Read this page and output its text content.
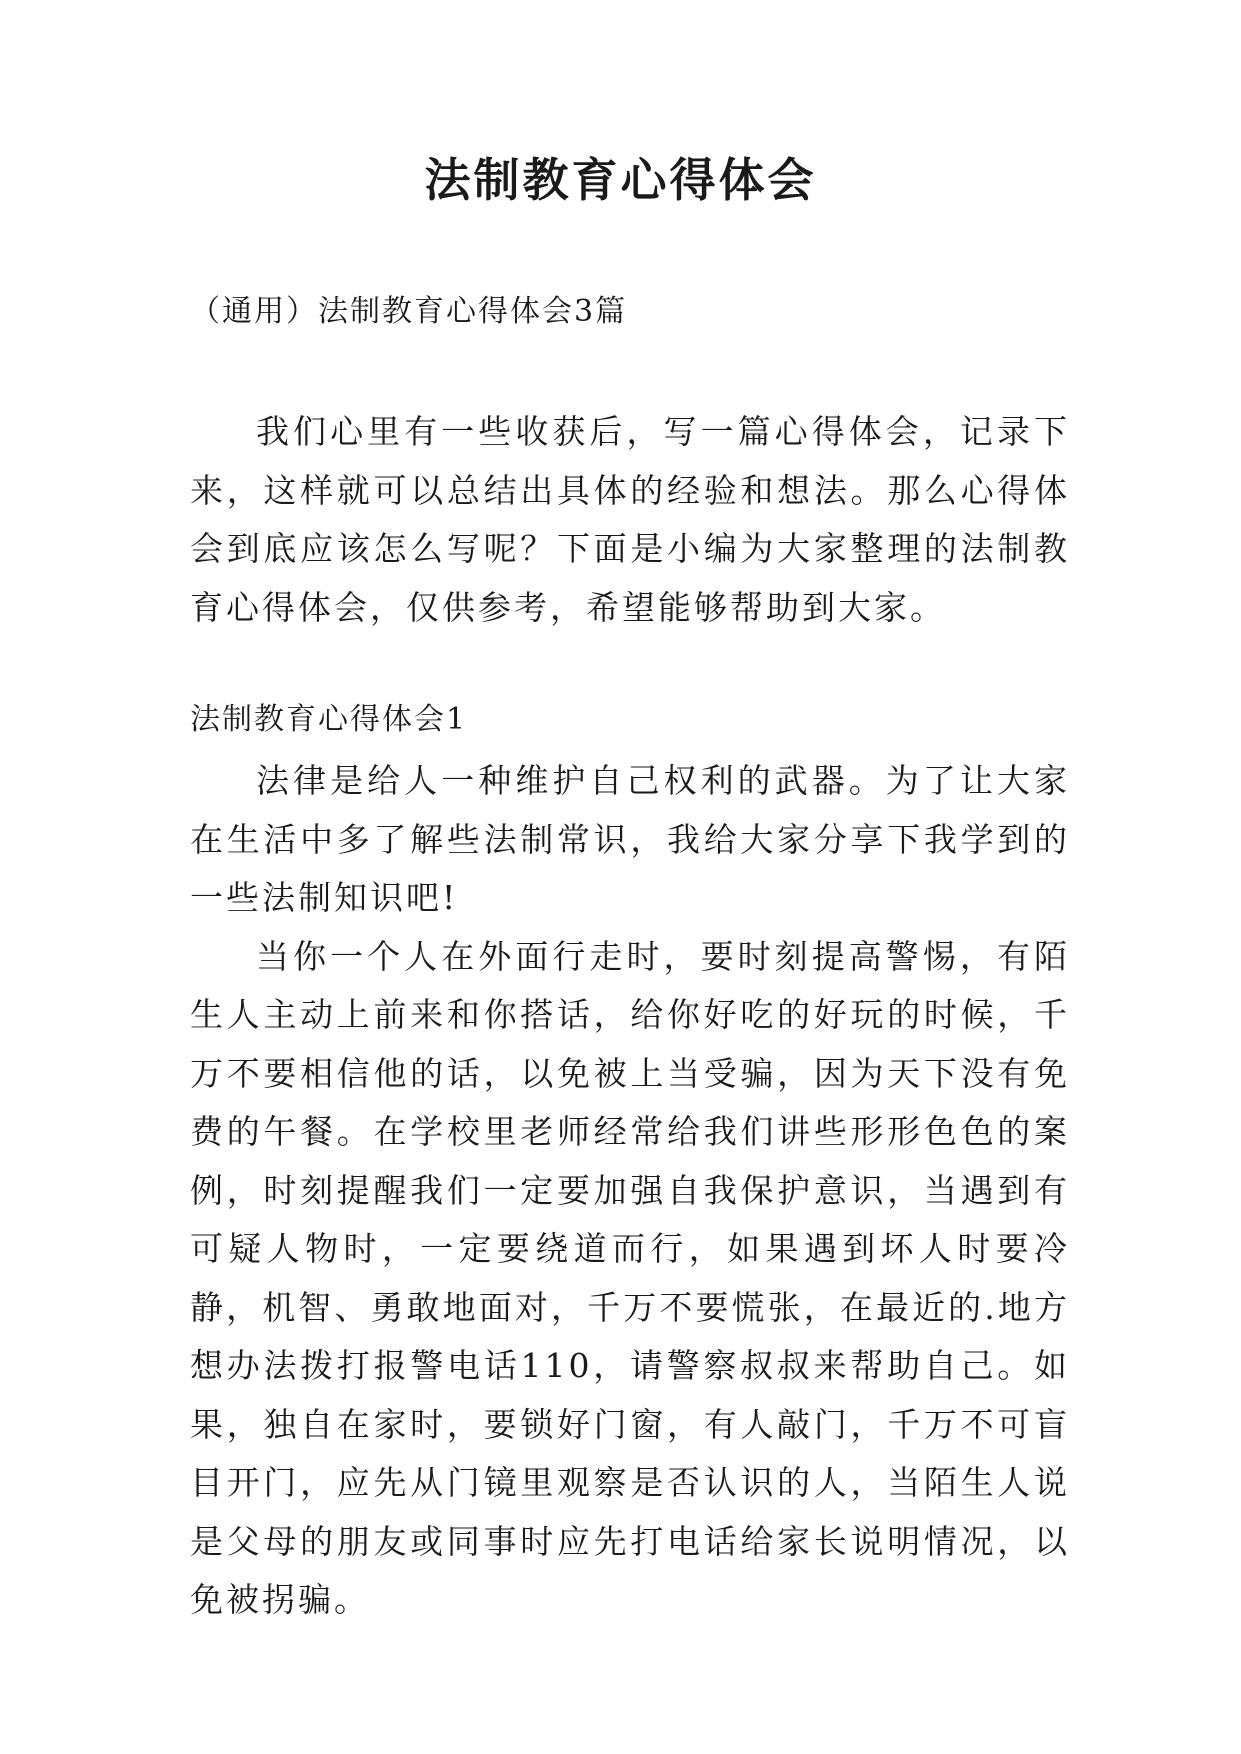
法制教育心得体会

（通用）法制教育心得体会3篇

我们心里有一些收获后，写一篇心得体会，记录下来，这样就可以总结出具体的经验和想法。那么心得体会到底应该怎么写呢？下面是小编为大家整理的法制教育心得体会，仅供参考，希望能够帮助到大家。

法制教育心得体会1

法律是给人一种维护自己权利的武器。为了让大家在生活中多了解些法制常识，我给大家分享下我学到的一些法制知识吧!

当你一个人在外面行走时，要时刻提高警惕，有陌生人主动上前来和你搭话，给你好吃的好玩的时候，千万不要相信他的话，以免被上当受骗，因为天下没有免费的午餐。在学校里老师经常给我们讲些形形色色的案例，时刻提醒我们一定要加强自我保护意识，当遇到有可疑人物时，一定要绕道而行，如果遇到坏人时要冷静，机智、勇敢地面对，千万不要慌张，在最近的.地方想办法拨打报警电话110，请警察叔叔来帮助自己。如果，独自在家时，要锁好门窗，有人敲门，千万不可盲目开门，应先从门镜里观察是否认识的人，当陌生人说是父母的朋友或同事时应先打电话给家长说明情况，以免被拐骗。
